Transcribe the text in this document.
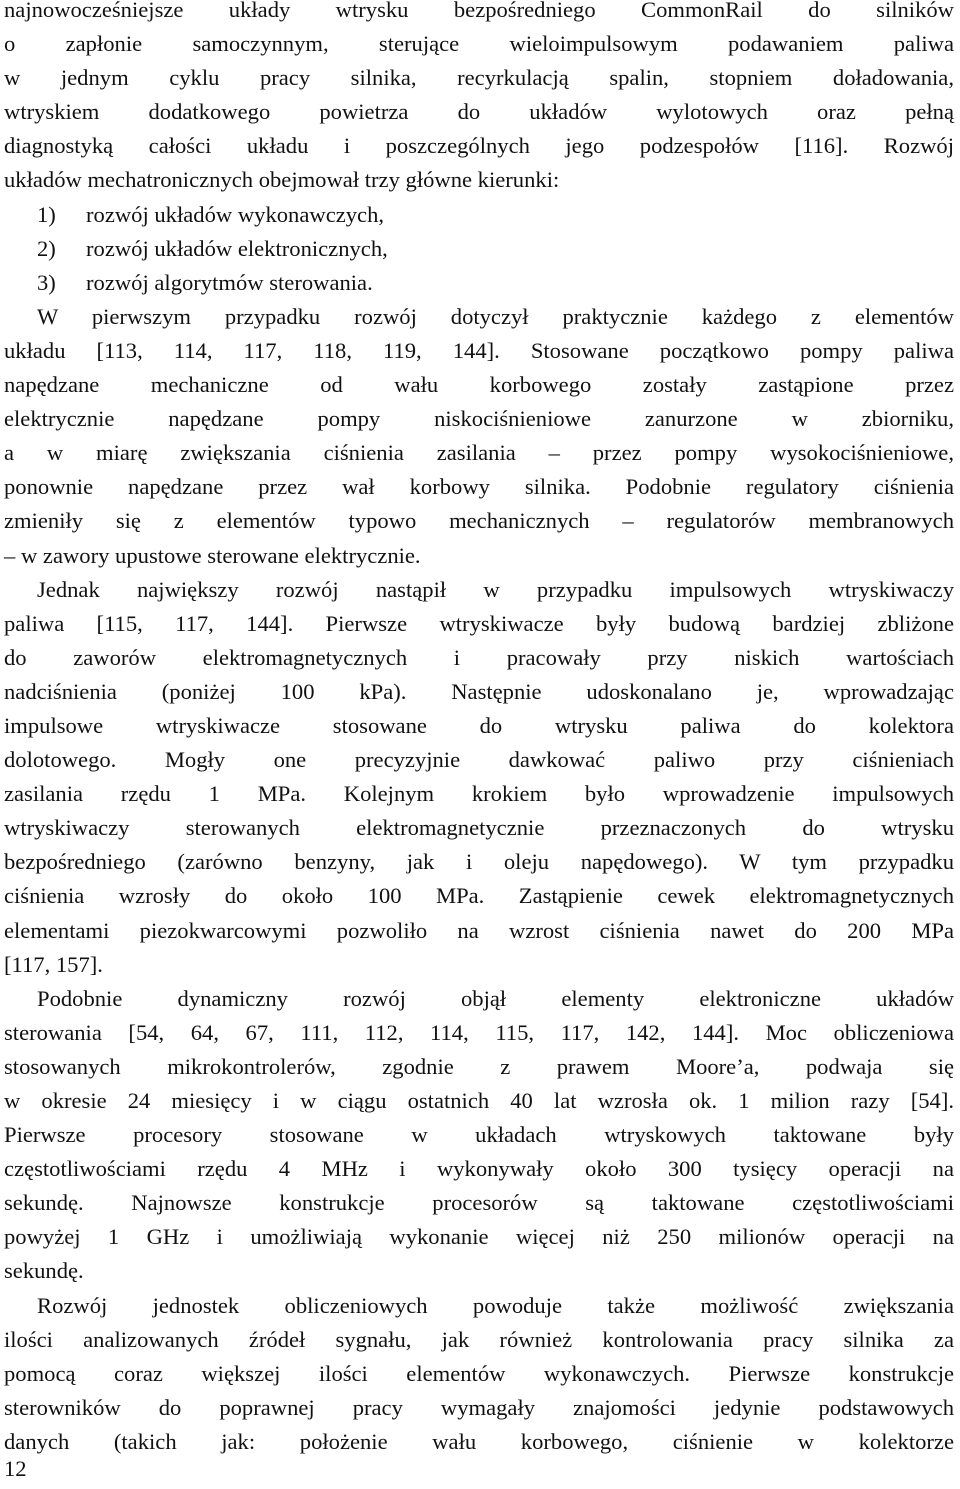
najnowocześniejsze układy wtrysku bezpośredniego CommonRail do silników
o zapłonie samoczynnym, sterujące wieloimpulsowym podawaniem paliwa
w jednym cyklu pracy silnika, recyrkulacją spalin, stopniem doładowania,
wtryskiem dodatkowego powietrza do układów wylotowych oraz pełną
diagnostyką całości układu i poszczególnych jego podzespołów [116]. Rozwój
układów mechatronicznych obejmował trzy główne kierunki:
1) rozwój układów wykonawczych,
2) rozwój układów elektronicznych,
3) rozwój algorytmów sterowania.
W pierwszym przypadku rozwój dotyczył praktycznie każdego z elementów
układu [113, 114, 117, 118, 119, 144]. Stosowane początkowo pompy paliwa
napędzane mechaniczne od wału korbowego zostały zastąpione przez
elektrycznie napędzane pompy niskociśnieniowe zanurzone w zbiorniku,
a w miarę zwiększania ciśnienia zasilania – przez pompy wysokociśnieniowe,
ponownie napędzane przez wał korbowy silnika. Podobnie regulatory ciśnienia
zmieniły się z elementów typowo mechanicznych – regulatorów membranowych
– w zawory upustowe sterowane elektrycznie.
Jednak największy rozwój nastąpił w przypadku impulsowych wtryskiwaczy
paliwa [115, 117, 144]. Pierwsze wtryskiwacze były budową bardziej zbliżone
do zaworów elektromagnetycznych i pracowały przy niskich wartościach
nadciśnienia (poniżej 100 kPa). Następnie udoskonalano je, wprowadzając
impulsowe wtryskiwacze stosowane do wtrysku paliwa do kolektora
dolotowego. Mogły one precyzyjnie dawkować paliwo przy ciśnieniach
zasilania rzędu 1 MPa. Kolejnym krokiem było wprowadzenie impulsowych
wtryskiwaczy sterowanych elektromagnetycznie przeznaczonych do wtrysku
bezpośredniego (zarówno benzyny, jak i oleju napędowego). W tym przypadku
ciśnienia wzrosły do około 100 MPa. Zastąpienie cewek elektromagnetycznych
elementami piezokwarcowymi pozwoliło na wzrost ciśnienia nawet do 200 MPa
[117, 157].
Podobnie dynamiczny rozwój objął elementy elektroniczne układów
sterowania [54, 64, 67, 111, 112, 114, 115, 117, 142, 144]. Moc obliczeniowa
stosowanych mikrokontrolerów, zgodnie z prawem Moore’a, podwaja się
w okresie 24 miesięcy i w ciągu ostatnich 40 lat wzrosła ok. 1 milion razy [54].
Pierwsze procesory stosowane w układach wtryskowych taktowane były
częstotliwościami rzędu 4 MHz i wykonywały około 300 tysięcy operacji na
sekundę. Najnowsze konstrukcje procesorów są taktowane częstotliwościami
powyżej 1 GHz i umożliwiają wykonanie więcej niż 250 milionów operacji na
sekundę.
Rozwój jednostek obliczeniowych powoduje także możliwość zwiększania
ilości analizowanych źródeł sygnału, jak również kontrolowania pracy silnika za
pomocą coraz większej ilości elementów wykonawczych. Pierwsze konstrukcje
sterowników do poprawnej pracy wymagały znajomości jedynie podstawowych
danych (takich jak: położenie wału korbowego, ciśnienie w kolektorze
12
